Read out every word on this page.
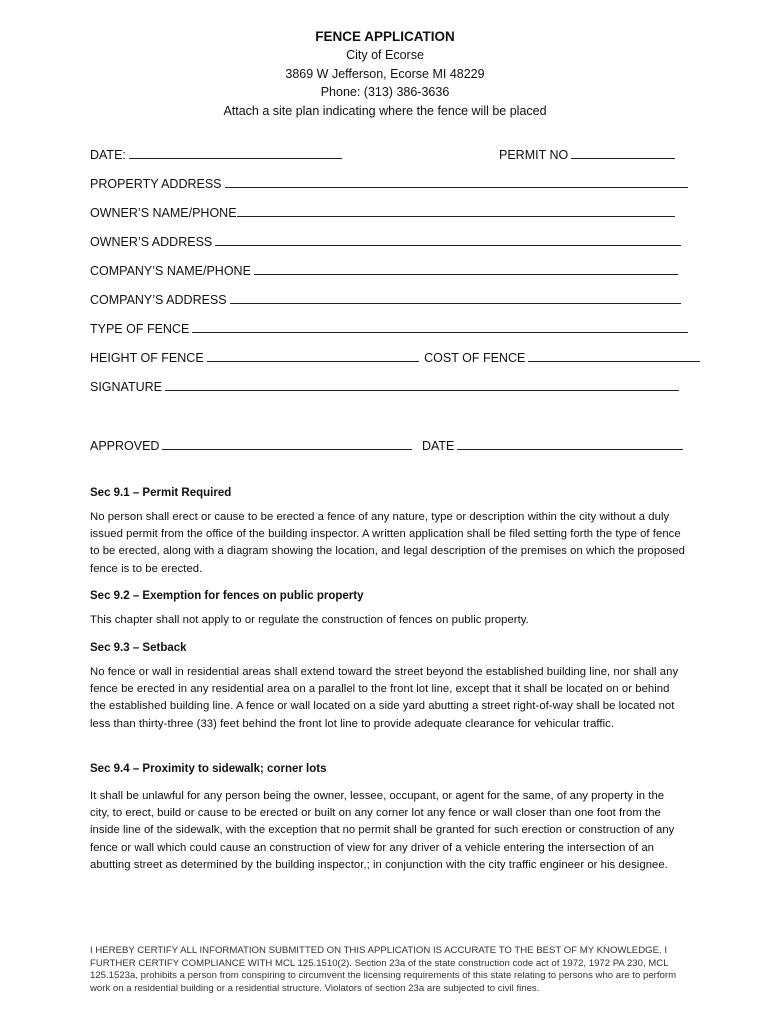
FENCE APPLICATION
City of Ecorse
3869 W Jefferson, Ecorse MI 48229
Phone: (313) 386-3636
Attach a site plan indicating where the fence will be placed
DATE:	PERMIT NO
PROPERTY ADDRESS
OWNER’S NAME/PHONE
OWNER’S ADDRESS
COMPANY’S NAME/PHONE
COMPANY’S ADDRESS
TYPE OF FENCE
HEIGHT OF FENCE	COST OF FENCE
SIGNATURE
APPROVED	DATE
Sec 9.1 – Permit Required
No person shall erect or cause to be erected a fence of any nature, type or description within the city without a duly issued permit from the office of the building inspector. A written application shall be filed setting forth the type of fence to be erected, along with a diagram showing the location, and legal description of the premises on which the proposed fence is to be erected.
Sec 9.2 – Exemption for fences on public property
This chapter shall not apply to or regulate the construction of fences on public property.
Sec 9.3 – Setback
No fence or wall in residential areas shall extend toward the street beyond the established building line, nor shall any fence be erected in any residential area on a parallel to the front lot line, except that it shall be located on or behind the established building line. A fence or wall located on a side yard abutting a street right-of-way shall be located not less than thirty-three (33) feet behind the front lot line to provide adequate clearance for vehicular traffic.
Sec 9.4 – Proximity to sidewalk; corner lots
It shall be unlawful for any person being the owner, lessee, occupant, or agent for the same, of any property in the city, to erect, build or cause to be erected or built on any corner lot any fence or wall closer than one foot from the inside line of the sidewalk, with the exception that no permit shall be granted for such erection or construction of any fence or wall which could cause an construction of view for any driver of a vehicle entering the intersection of an abutting street as determined by the building inspector,; in conjunction with the city traffic engineer or his designee.
I HEREBY CERTIFY ALL INFORMATION SUBMITTED ON THIS APPLICATION IS ACCURATE TO THE BEST OF MY KNOWLEDGE. I FURTHER CERTIFY COMPLIANCE WITH MCL 125.1510(2). Section 23a of the state construction code act of 1972, 1972 PA 230, MCL 125.1523a, prohibits a person from conspiring to circumvent the licensing requirements of this state relating to persons who are to perform work on a residential building or a residential structure. Violators of section 23a are subjected to civil fines.
